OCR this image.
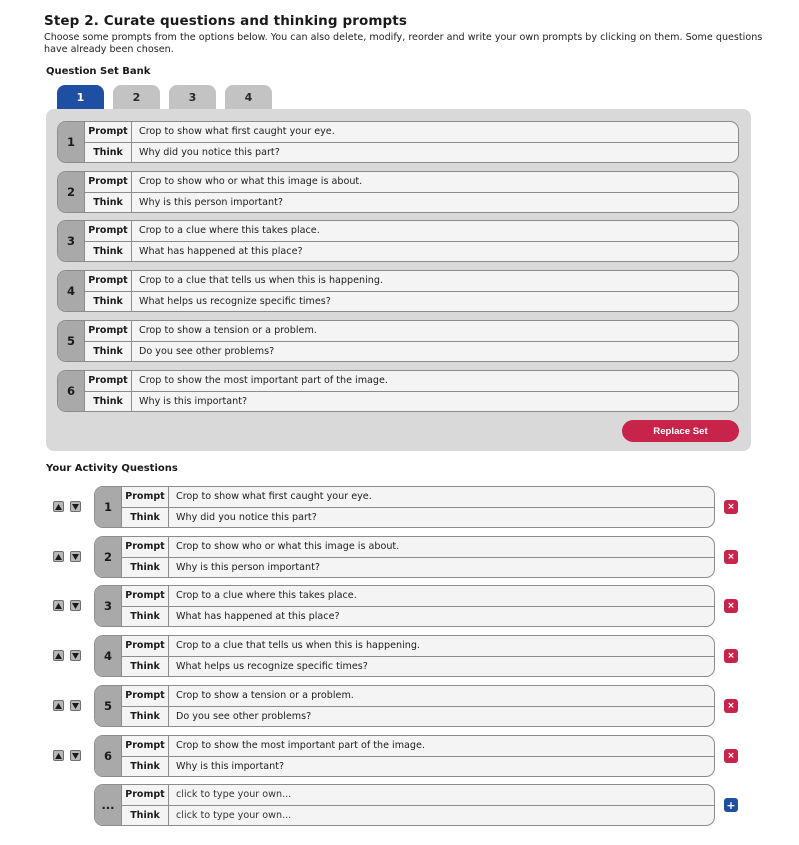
Step 2. Curate questions and thinking prompts
Choose some prompts from the options below. You can also delete, modify, reorder and write your own prompts by clicking on them. Some questions have already been chosen.
Question Set Bank
1	2	3	4
1
Prompt	Crop to show what first caught your eye.
Think	Why did you notice this part?
2
Prompt	Crop to show who or what this image is about.
Think	Why is this person important?
3
Prompt	Crop to a clue where this takes place.
Think	What has happened at this place?
4
Prompt	Crop to a clue that tells us when this is happening.
Think	What helps us recognize specific times?
5
Prompt	Crop to show a tension or a problem.
Think	Do you see other problems?
6
Prompt	Crop to show the most important part of the image.
Think	Why is this important?
Replace Set
Your Activity Questions
1
Prompt	Crop to show what first caught your eye.
Think	Why did you notice this part?
×
2
Prompt	Crop to show who or what this image is about.
Think	Why is this person important?
×
3
Prompt	Crop to a clue where this takes place.
Think	What has happened at this place?
×
4
Prompt	Crop to a clue that tells us when this is happening.
Think	What helps us recognize specific times?
×
5
Prompt	Crop to show a tension or a problem.
Think	Do you see other problems?
×
6
Prompt	Crop to show the most important part of the image.
Think	Why is this important?
×
...
Prompt	click to type your own...
Think	click to type your own...
+
